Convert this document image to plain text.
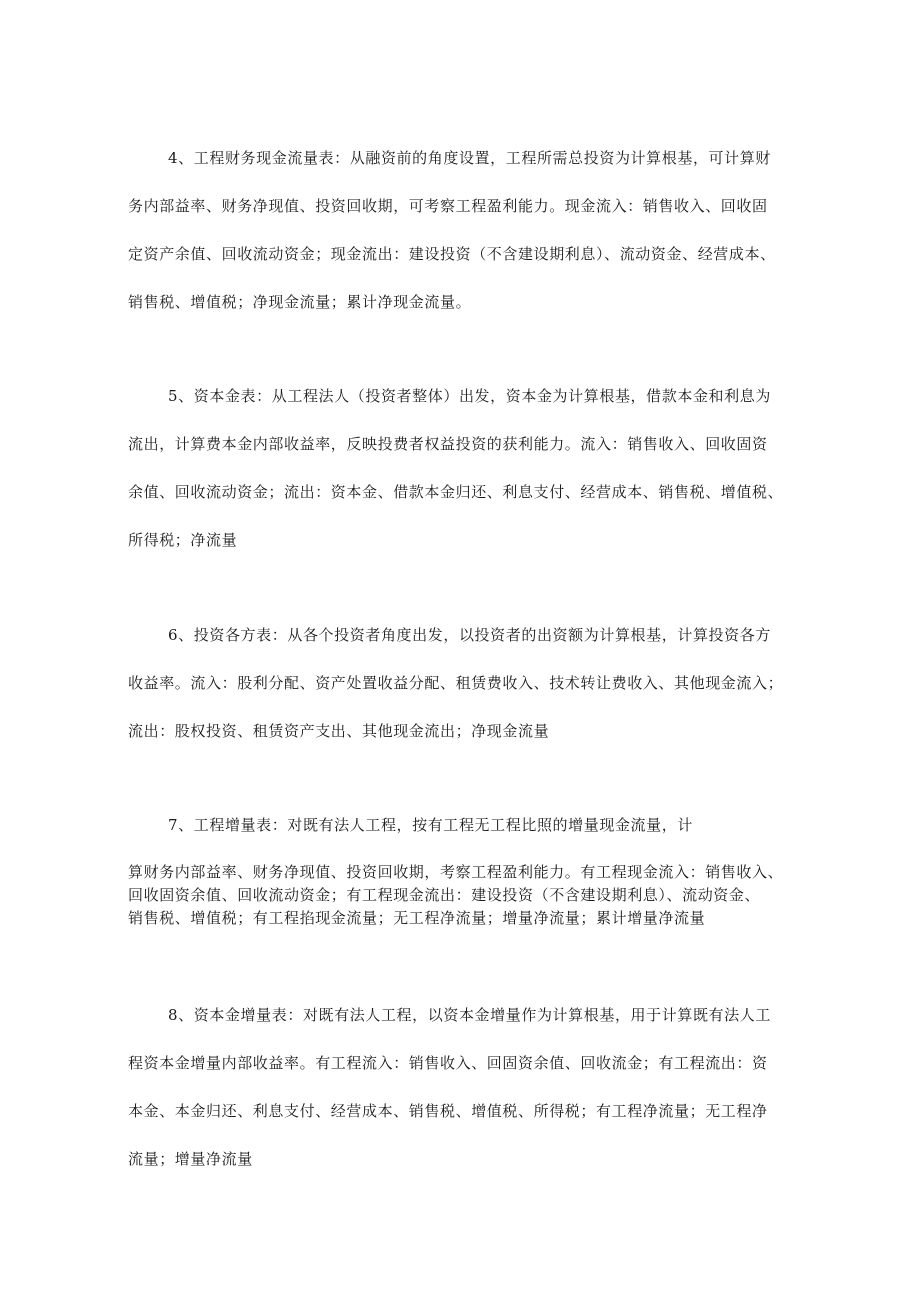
4、工程财务现金流量表：从融资前的角度设置，工程所需总投资为计算根基，可计算财
务内部益率、财务净现值、投资回收期，可考察工程盈利能力。现金流入：销售收入、回收固
定资产余值、回收流动资金；现金流出：建设投资（不含建设期利息）、流动资金、经营成本、
销售税、增值税；净现金流量；累计净现金流量。
5、资本金表：从工程法人（投资者整体）出发，资本金为计算根基，借款本金和利息为
流出，计算费本金内部收益率，反映投费者权益投资的获利能力。流入：销售收入、回收固资
余值、回收流动资金；流出：资本金、借款本金归还、利息支付、经营成本、销售税、增值税、
所得税；净流量
6、投资各方表：从各个投资者角度出发，以投资者的出资额为计算根基，计算投资各方
收益率。流入：股利分配、资产处置收益分配、租赁费收入、技术转让费收入、其他现金流入；
流出：股权投资、租赁资产支出、其他现金流出；净现金流量
7、工程增量表：对既有法人工程，按有工程无工程比照的增量现金流量，计
算财务内部益率、财务净现值、投资回收期，考察工程盈利能力。有工程现金流入：销售收入、
回收固资余值、回收流动资金；有工程现金流出：建设投资（不含建设期利息）、流动资金、
销售税、增值税；有工程掐现金流量；无工程净流量；增量净流量；累计增量净流量
8、资本金增量表：对既有法人工程，以资本金增量作为计算根基，用于计算既有法人工
程资本金增量内部收益率。有工程流入：销售收入、回固资余值、回收流金；有工程流出：资
本金、本金归还、利息支付、经营成本、销售税、增值税、所得税；有工程净流量；无工程净
流量；增量净流量
